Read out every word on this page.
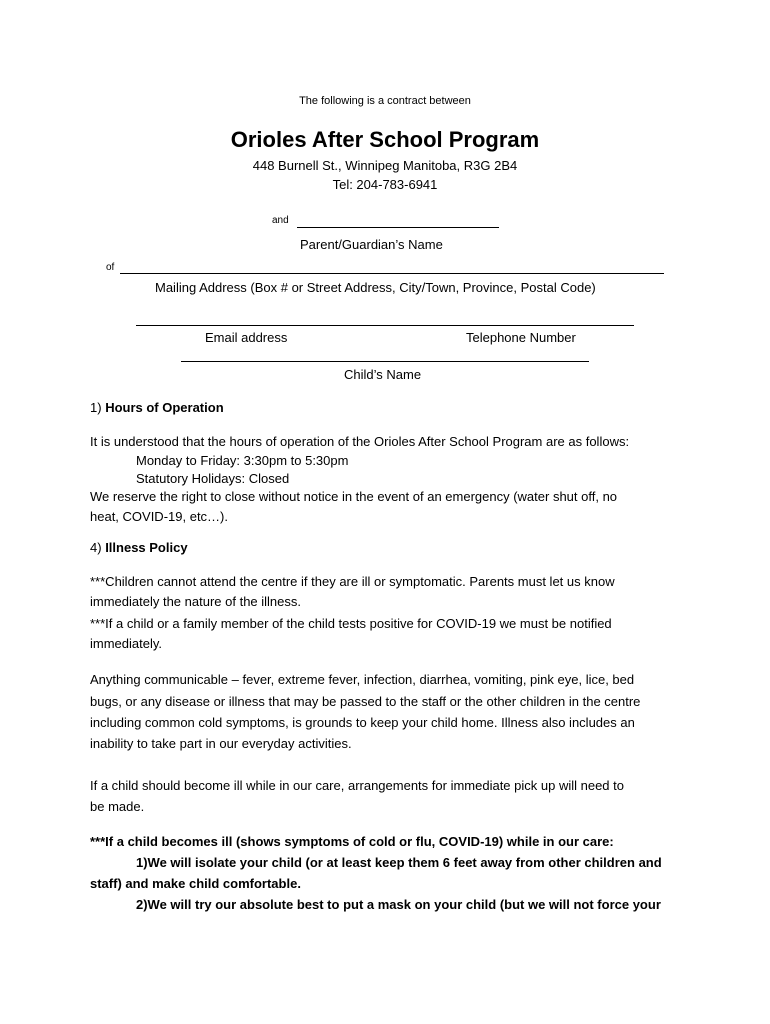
The following is a contract between
Orioles After School Program
448 Burnell St., Winnipeg Manitoba, R3G 2B4
Tel: 204-783-6941
and
Parent/Guardian’s Name
of
Mailing Address (Box # or Street Address, City/Town, Province, Postal Code)
Email address	Telephone Number
Child’s Name
1) Hours of Operation
It is understood that the hours of operation of the Orioles After School Program are as follows:
Monday to Friday: 3:30pm to 5:30pm
Statutory Holidays: Closed
We reserve the right to close without notice in the event of an emergency (water shut off, no
heat, COVID-19, etc…).
4) Illness Policy
***Children cannot attend the centre if they are ill or symptomatic. Parents must let us know
immediately the nature of the illness.
***If a child or a family member of the child tests positive for COVID-19 we must be notified
immediately.
Anything communicable – fever, extreme fever, infection, diarrhea, vomiting, pink eye, lice, bed
bugs, or any disease or illness that may be passed to the staff or the other children in the centre
including common cold symptoms, is grounds to keep your child home. Illness also includes an
inability to take part in our everyday activities.
If a child should become ill while in our care, arrangements for immediate pick up will need to
be made.
***If a child becomes ill (shows symptoms of cold or flu, COVID-19) while in our care:
1)We will isolate your child (or at least keep them 6 feet away from other children and
staff) and make child comfortable.
2)We will try our absolute best to put a mask on your child (but we will not force your
